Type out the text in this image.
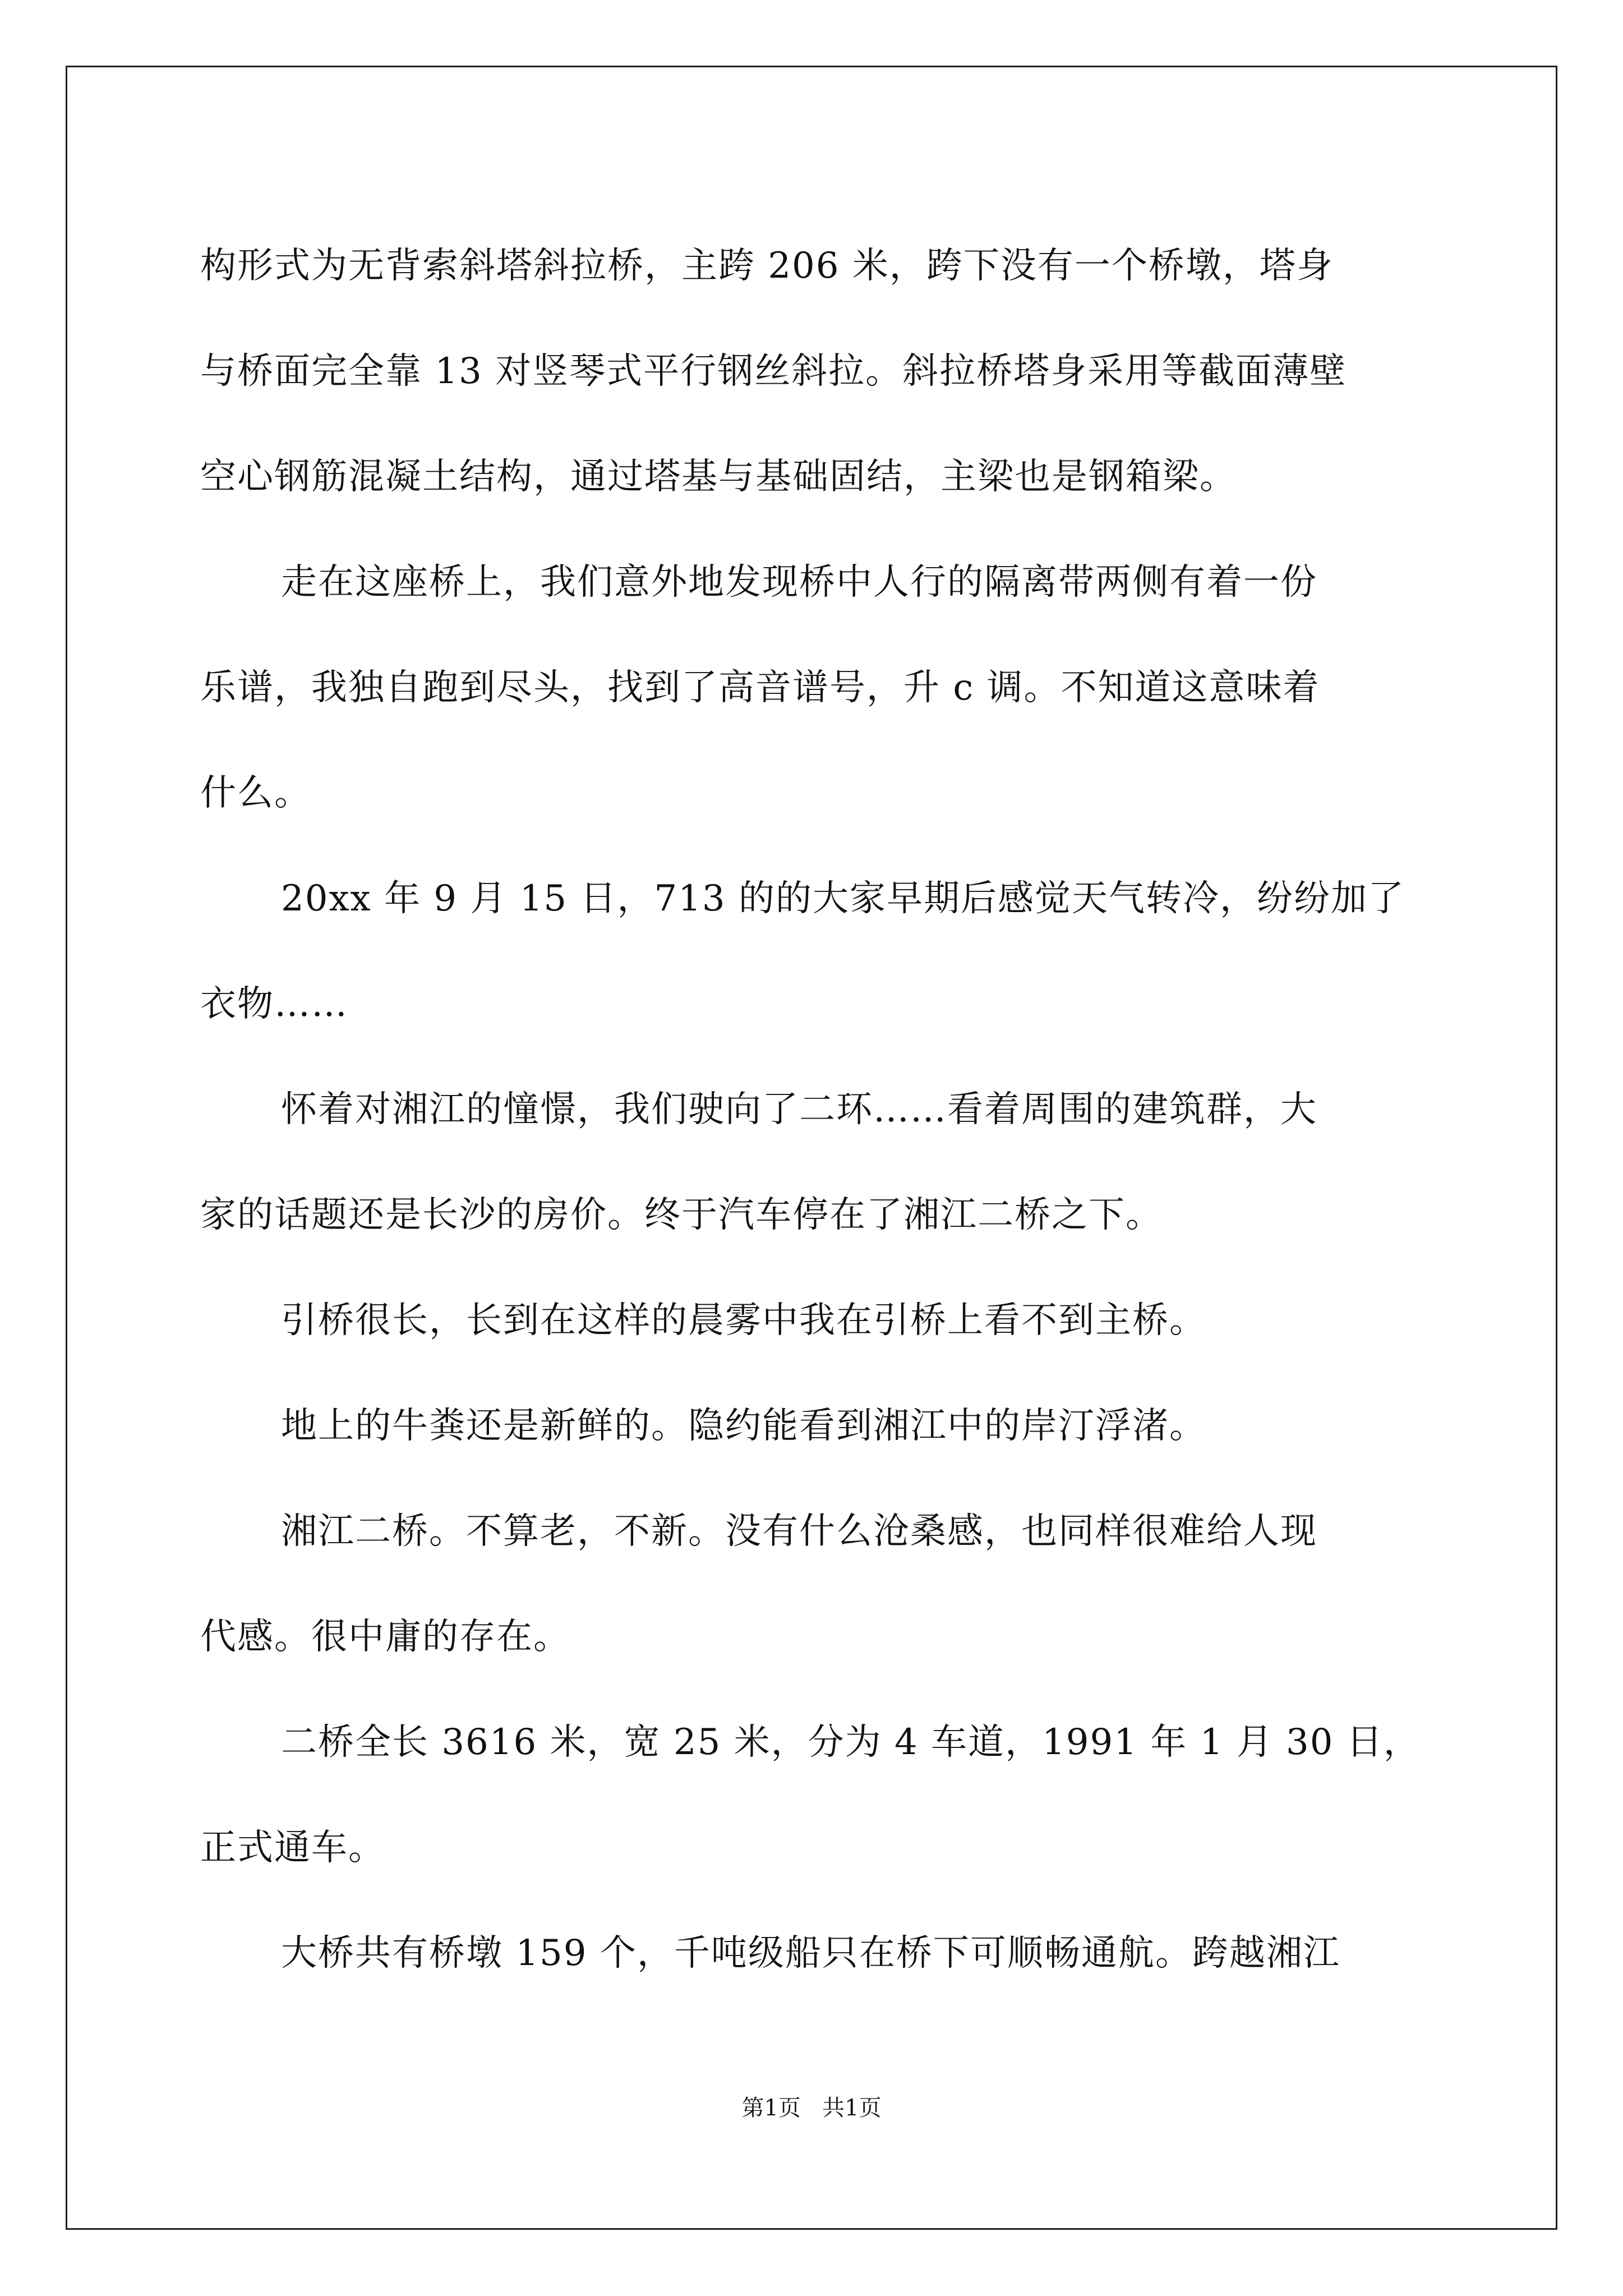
构形式为无背索斜塔斜拉桥，主跨 206 米，跨下没有一个桥墩，塔身
与桥面完全靠 13 对竖琴式平行钢丝斜拉。斜拉桥塔身采用等截面薄壁
空心钢筋混凝土结构，通过塔基与基础固结，主梁也是钢箱梁。
走在这座桥上，我们意外地发现桥中人行的隔离带两侧有着一份
乐谱，我独自跑到尽头，找到了高音谱号，升 c 调。不知道这意味着
什么。
20xx 年 9 月 15 日，713 的的大家早期后感觉天气转冷，纷纷加了
衣物……
怀着对湘江的憧憬，我们驶向了二环……看着周围的建筑群，大
家的话题还是长沙的房价。终于汽车停在了湘江二桥之下。
引桥很长，长到在这样的晨雾中我在引桥上看不到主桥。
地上的牛粪还是新鲜的。隐约能看到湘江中的岸汀浮渚。
湘江二桥。不算老，不新。没有什么沧桑感，也同样很难给人现
代感。很中庸的存在。
二桥全长 3616 米，宽 25 米，分为 4 车道，1991 年 1 月 30 日，
正式通车。
大桥共有桥墩 159 个，千吨级船只在桥下可顺畅通航。跨越湘江
第1页   共1页
